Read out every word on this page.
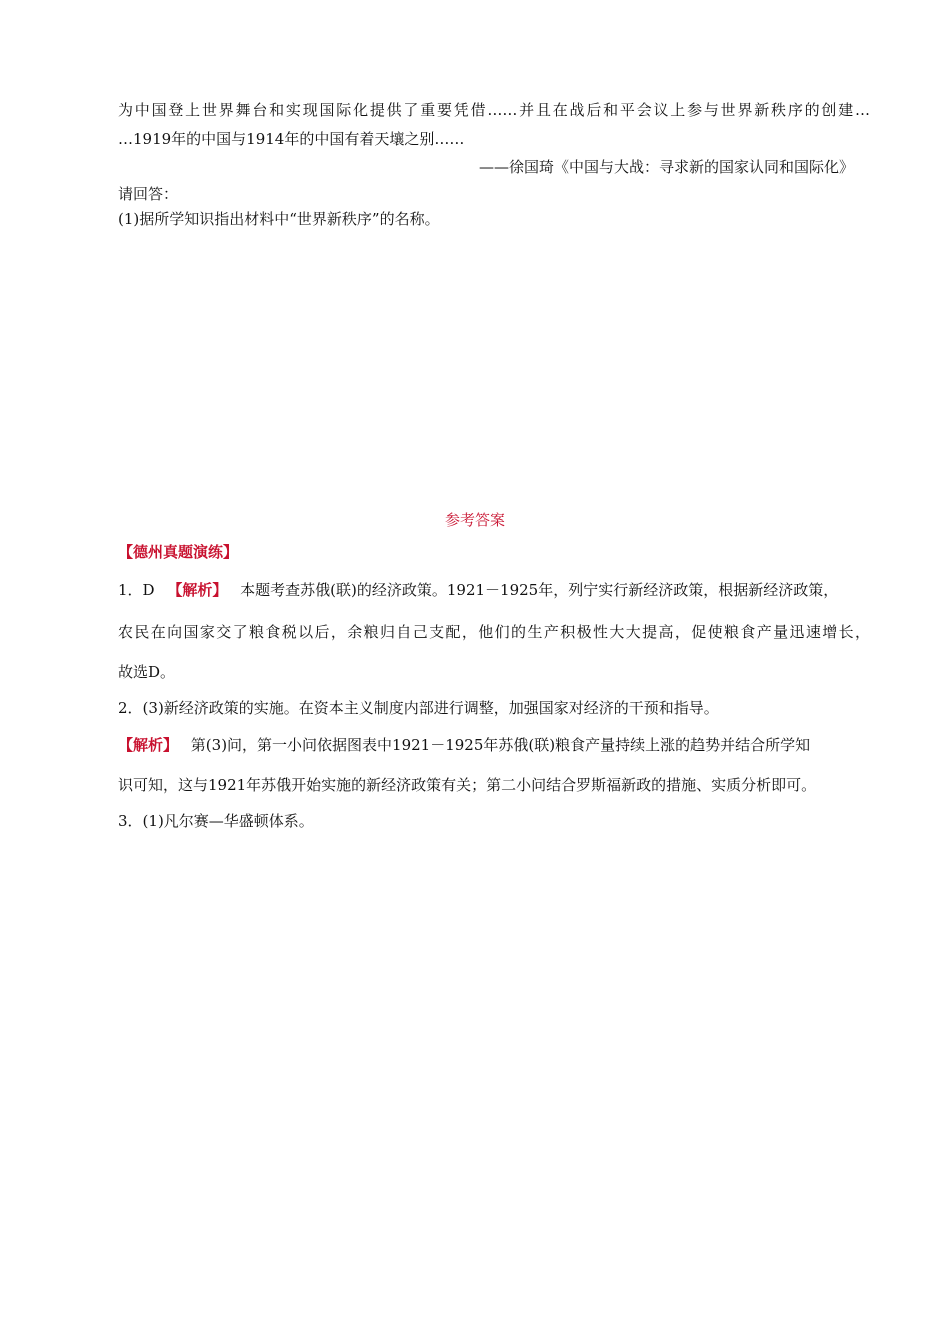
为中国登上世界舞台和实现国际化提供了重要凭借……并且在战后和平会议上参与世界新秩序的创建…
…1919年的中国与1914年的中国有着天壤之别……
——徐国琦《中国与大战：寻求新的国家认同和国际化》
请回答：
(1)据所学知识指出材料中“世界新秩序”的名称。
参考答案
【德州真题演练】
1．D 【解析】 本题考查苏俄(联)的经济政策。1921－1925年，列宁实行新经济政策，根据新经济政策，
农民在向国家交了粮食税以后，余粮归自己支配，他们的生产积极性大大提高，促使粮食产量迅速增长，
故选D。
2．(3)新经济政策的实施。在资本主义制度内部进行调整，加强国家对经济的干预和指导。
【解析】 第(3)问，第一小问依据图表中1921－1925年苏俄(联)粮食产量持续上涨的趋势并结合所学知
识可知，这与1921年苏俄开始实施的新经济政策有关；第二小问结合罗斯福新政的措施、实质分析即可。
3．(1)凡尔赛—华盛顿体系。
